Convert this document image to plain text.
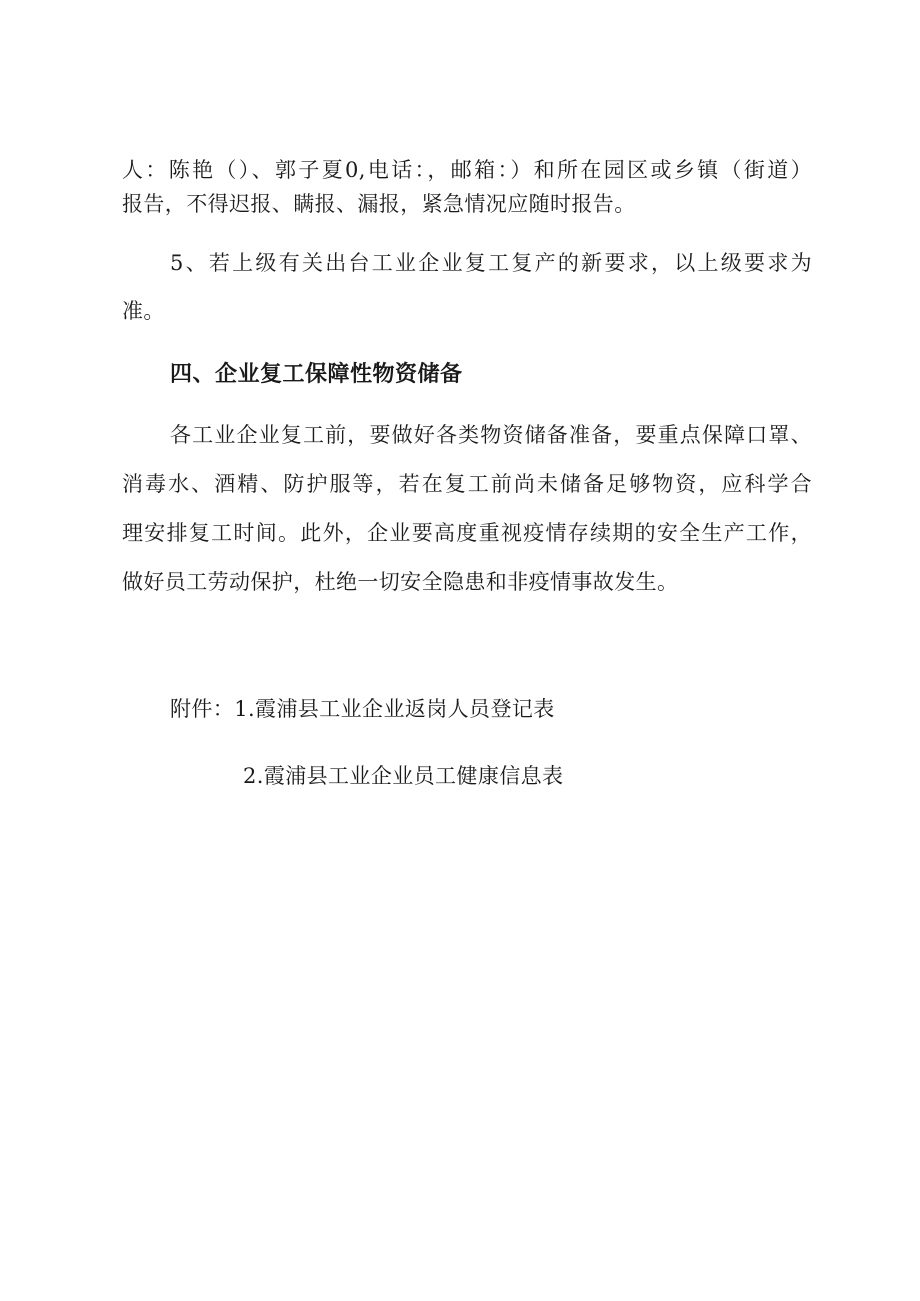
人：陈艳（）、郭子夏0,电话：，邮箱：）和所在园区或乡镇（街道）
报告，不得迟报、瞒报、漏报，紧急情况应随时报告。
5、若上级有关出台工业企业复工复产的新要求，以上级要求为
准。
四、企业复工保障性物资储备
各工业企业复工前，要做好各类物资储备准备，要重点保障口罩、
消毒水、酒精、防护服等，若在复工前尚未储备足够物资，应科学合
理安排复工时间。此外，企业要高度重视疫情存续期的安全生产工作，
做好员工劳动保护，杜绝一切安全隐患和非疫情事故发生。
附件：1.霞浦县工业企业返岗人员登记表
2.霞浦县工业企业员工健康信息表
